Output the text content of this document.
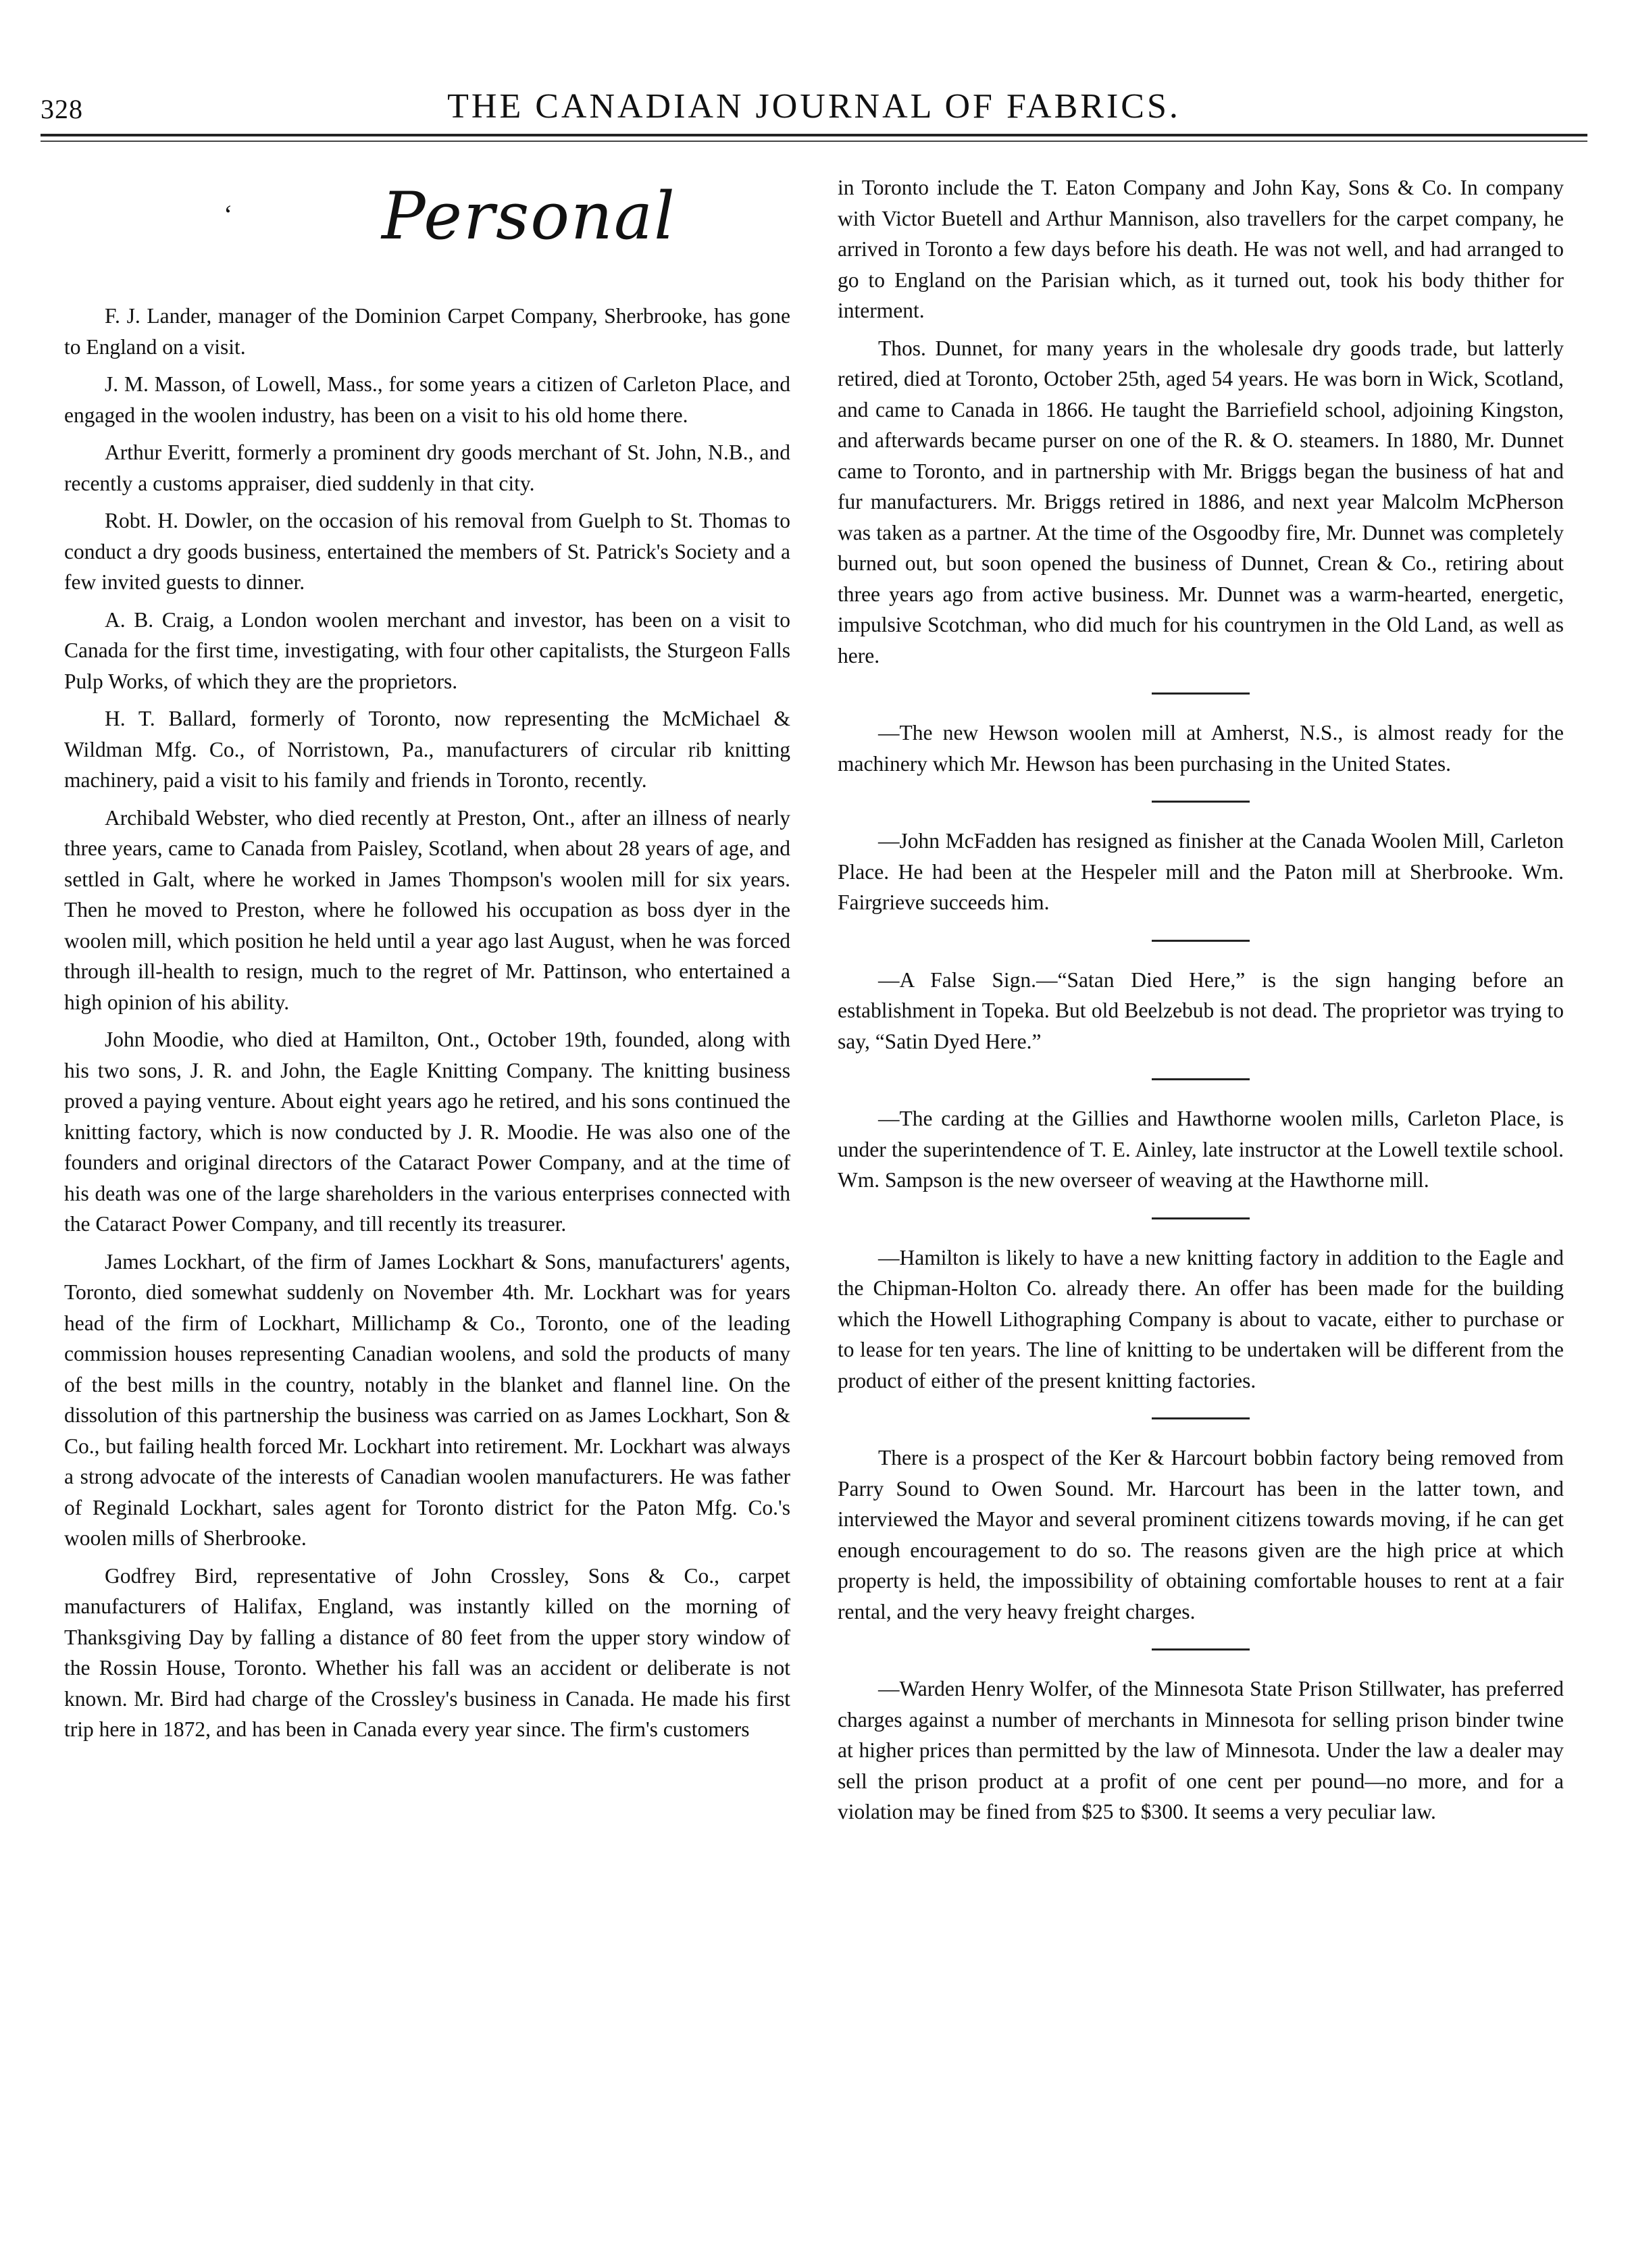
328	THE CANADIAN JOURNAL OF FABRICS.
‘ Personal

F. J. Lander, manager of the Dominion Carpet Company, Sherbrooke, has gone to England on a visit.

J. M. Masson, of Lowell, Mass., for some years a citizen of Carleton Place, and engaged in the woolen industry, has been on a visit to his old home there.

Arthur Everitt, formerly a prominent dry goods merchant of St. John, N.B., and recently a customs appraiser, died suddenly in that city.

Robt. H. Dowler, on the occasion of his removal from Guelph to St. Thomas to conduct a dry goods business, entertained the members of St. Patrick's Society and a few invited guests to dinner.

A. B. Craig, a London woolen merchant and investor, has been on a visit to Canada for the first time, investigating, with four other capitalists, the Sturgeon Falls Pulp Works, of which they are the proprietors.

H. T. Ballard, formerly of Toronto, now representing the McMichael & Wildman Mfg. Co., of Norristown, Pa., manufacturers of circular rib knitting machinery, paid a visit to his family and friends in Toronto, recently.

Archibald Webster, who died recently at Preston, Ont., after an illness of nearly three years, came to Canada from Paisley, Scotland, when about 28 years of age, and settled in Galt, where he worked in James Thompson's woolen mill for six years. Then he moved to Preston, where he followed his occupation as boss dyer in the woolen mill, which position he held until a year ago last August, when he was forced through ill-health to resign, much to the regret of Mr. Pattinson, who entertained a high opinion of his ability.

John Moodie, who died at Hamilton, Ont., October 19th, founded, along with his two sons, J. R. and John, the Eagle Knitting Company. The knitting business proved a paying venture. About eight years ago he retired, and his sons continued the knitting factory, which is now conducted by J. R. Moodie. He was also one of the founders and original directors of the Cataract Power Company, and at the time of his death was one of the large shareholders in the various enterprises connected with the Cataract Power Company, and till recently its treasurer.

James Lockhart, of the firm of James Lockhart & Sons, manufacturers' agents, Toronto, died somewhat suddenly on November 4th. Mr. Lockhart was for years head of the firm of Lockhart, Millichamp & Co., Toronto, one of the leading commission houses representing Canadian woolens, and sold the products of many of the best mills in the country, notably in the blanket and flannel line. On the dissolution of this partnership the business was carried on as James Lockhart, Son & Co., but failing health forced Mr. Lockhart into retirement. Mr. Lockhart was always a strong advocate of the interests of Canadian woolen manufacturers. He was father of Reginald Lockhart, sales agent for Toronto district for the Paton Mfg. Co.'s woolen mills of Sherbrooke.

Godfrey Bird, representative of John Crossley, Sons & Co., carpet manufacturers of Halifax, England, was instantly killed on the morning of Thanksgiving Day by falling a distance of 80 feet from the upper story window of the Rossin House, Toronto. Whether his fall was an accident or deliberate is not known. Mr. Bird had charge of the Crossley's business in Canada. He made his first trip here in 1872, and has been in Canada every year since. The firm's customers

in Toronto include the T. Eaton Company and John Kay, Sons & Co. In company with Victor Buetell and Arthur Mannison, also travellers for the carpet company, he arrived in Toronto a few days before his death. He was not well, and had arranged to go to England on the Parisian which, as it turned out, took his body thither for interment.

Thos. Dunnet, for many years in the wholesale dry goods trade, but latterly retired, died at Toronto, October 25th, aged 54 years. He was born in Wick, Scotland, and came to Canada in 1866. He taught the Barriefield school, adjoining Kingston, and afterwards became purser on one of the R. & O. steamers. In 1880, Mr. Dunnet came to Toronto, and in partnership with Mr. Briggs began the business of hat and fur manufacturers. Mr. Briggs retired in 1886, and next year Malcolm McPherson was taken as a partner. At the time of the Osgoodby fire, Mr. Dunnet was completely burned out, but soon opened the business of Dunnet, Crean & Co., retiring about three years ago from active business. Mr. Dunnet was a warm-hearted, energetic, impulsive Scotchman, who did much for his countrymen in the Old Land, as well as here.

—The new Hewson woolen mill at Amherst, N.S., is almost ready for the machinery which Mr. Hewson has been purchasing in the United States.

—John McFadden has resigned as finisher at the Canada Woolen Mill, Carleton Place. He had been at the Hespeler mill and the Paton mill at Sherbrooke. Wm. Fairgrieve succeeds him.

—A False Sign.—“Satan Died Here,” is the sign hanging before an establishment in Topeka. But old Beelzebub is not dead. The proprietor was trying to say, “Satin Dyed Here.”

—The carding at the Gillies and Hawthorne woolen mills, Carleton Place, is under the superintendence of T. E. Ainley, late instructor at the Lowell textile school. Wm. Sampson is the new overseer of weaving at the Hawthorne mill.

—Hamilton is likely to have a new knitting factory in addition to the Eagle and the Chipman-Holton Co. already there. An offer has been made for the building which the Howell Lithographing Company is about to vacate, either to purchase or to lease for ten years. The line of knitting to be undertaken will be different from the product of either of the present knitting factories.

There is a prospect of the Ker & Harcourt bobbin factory being removed from Parry Sound to Owen Sound. Mr. Harcourt has been in the latter town, and interviewed the Mayor and several prominent citizens towards moving, if he can get enough encouragement to do so. The reasons given are the high price at which property is held, the impossibility of obtaining comfortable houses to rent at a fair rental, and the very heavy freight charges.

—Warden Henry Wolfer, of the Minnesota State Prison Stillwater, has preferred charges against a number of merchants in Minnesota for selling prison binder twine at higher prices than permitted by the law of Minnesota. Under the law a dealer may sell the prison product at a profit of one cent per pound—no more, and for a violation may be fined from $25 to $300. It seems a very peculiar law.
